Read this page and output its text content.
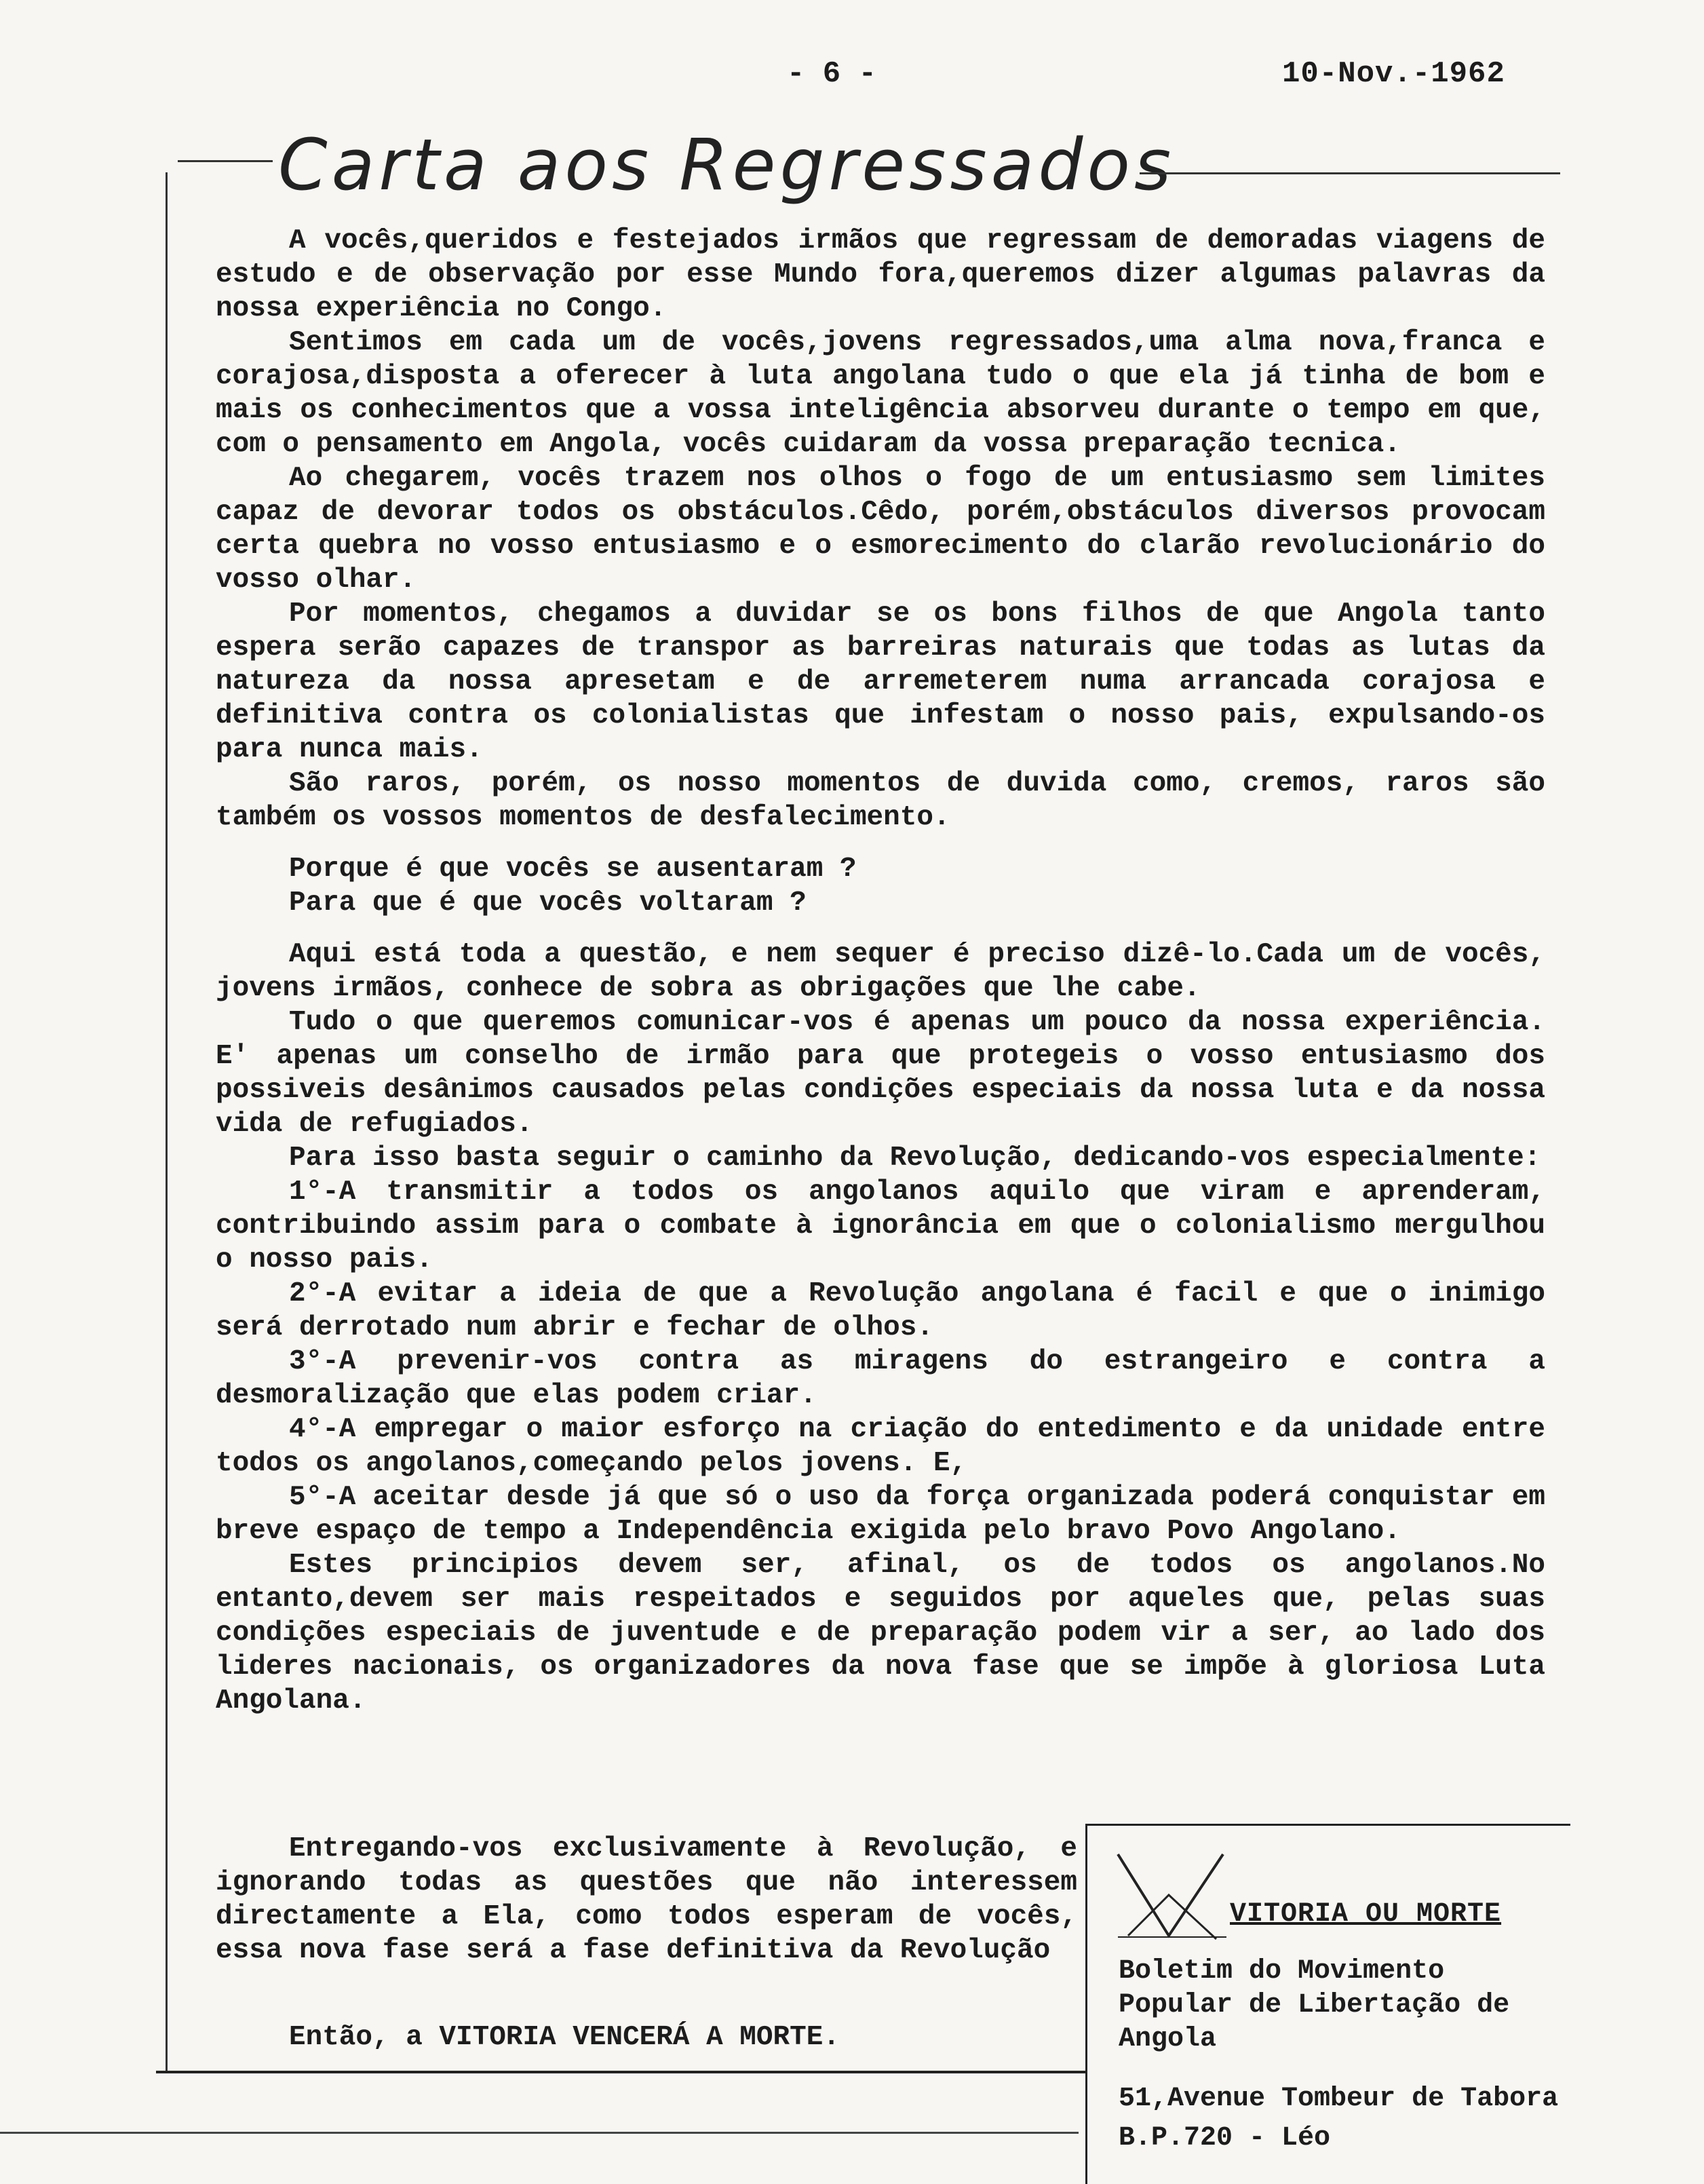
- 6 -	10-Nov.-1962
Carta aos Regressados

A vocês,queridos e festejados irmãos que regressam de demoradas viagens de estudo e de observação por esse Mundo fora,queremos dizer algumas palavras da nossa experiência no Congo.

Sentimos em cada um de vocês,jovens regressados,uma alma nova,franca e corajosa,disposta a oferecer à luta angolana tudo o que ela já tinha de bom e mais os conhecimentos que a vossa inteligência absorveu durante o tempo em que, com o pensamento em Angola, vocês cuidaram da vossa preparação tecnica.

Ao chegarem, vocês trazem nos olhos o fogo de um entusiasmo sem limites capaz de devorar todos os obstáculos.Cêdo, porém,obstáculos diversos provocam certa quebra no vosso entusiasmo e o esmorecimento do clarão revolucionário do vosso olhar.

Por momentos, chegamos a duvidar se os bons filhos de que Angola tanto espera serão capazes de transpor as barreiras naturais que todas as lutas da natureza da nossa apresetam e de arremeterem numa arrancada corajosa e definitiva contra os colonialistas que infestam o nosso pais, expulsando-os para nunca mais.

São raros, porém, os nosso momentos de duvida como, cremos, raros são também os vossos momentos de desfalecimento.

Porque é que vocês se ausentaram ?

Para que é que vocês voltaram ?

Aqui está toda a questão, e nem sequer é preciso dizê-lo.Cada um de vocês, jovens irmãos, conhece de sobra as obrigações que lhe cabe.

Tudo o que queremos comunicar-vos é apenas um pouco da nossa experiência. E' apenas um conselho de irmão para que protegeis o vosso entusiasmo dos possiveis desânimos causados pelas condições especiais da nossa luta e da nossa vida de refugiados.

Para isso basta seguir o caminho da Revolução, dedicando-vos especialmente:

1°-A transmitir a todos os angolanos aquilo que viram e aprenderam, contribuindo assim para o combate à ignorância em que o colonialismo mergulhou o nosso pais.

2°-A evitar a ideia de que a Revolução angolana é facil e que o inimigo será derrotado num abrir e fechar de olhos.

3°-A prevenir-vos contra as miragens do estrangeiro e contra a desmoralização que elas podem criar.

4°-A empregar o maior esforço na criação do entedimento e da unidade entre todos os angolanos,começando pelos jovens. E,

5°-A aceitar desde já que só o uso da força organizada poderá conquistar em breve espaço de tempo a Independência exigida pelo bravo Povo Angolano.

Estes principios devem ser, afinal, os de todos os angolanos.No entanto,devem ser mais respeitados e seguidos por aqueles que, pelas suas condições especiais de juventude e de preparação podem vir a ser, ao lado dos lideres nacionais, os organizadores da nova fase que se impõe à gloriosa Luta Angolana.

Entregando-vos exclusivamente à Revolução, e ignorando todas as questões que não interessem directamente a Ela, como todos esperam de vocês, essa nova fase será a fase definitiva da Revolução

Então, a VITORIA VENCERÁ A MORTE.
VITORIA OU MORTE
Boletim do Movimento Popular de Libertação de Angola
51,Avenue Tombeur de Tabora
B.P.720 - Léo
